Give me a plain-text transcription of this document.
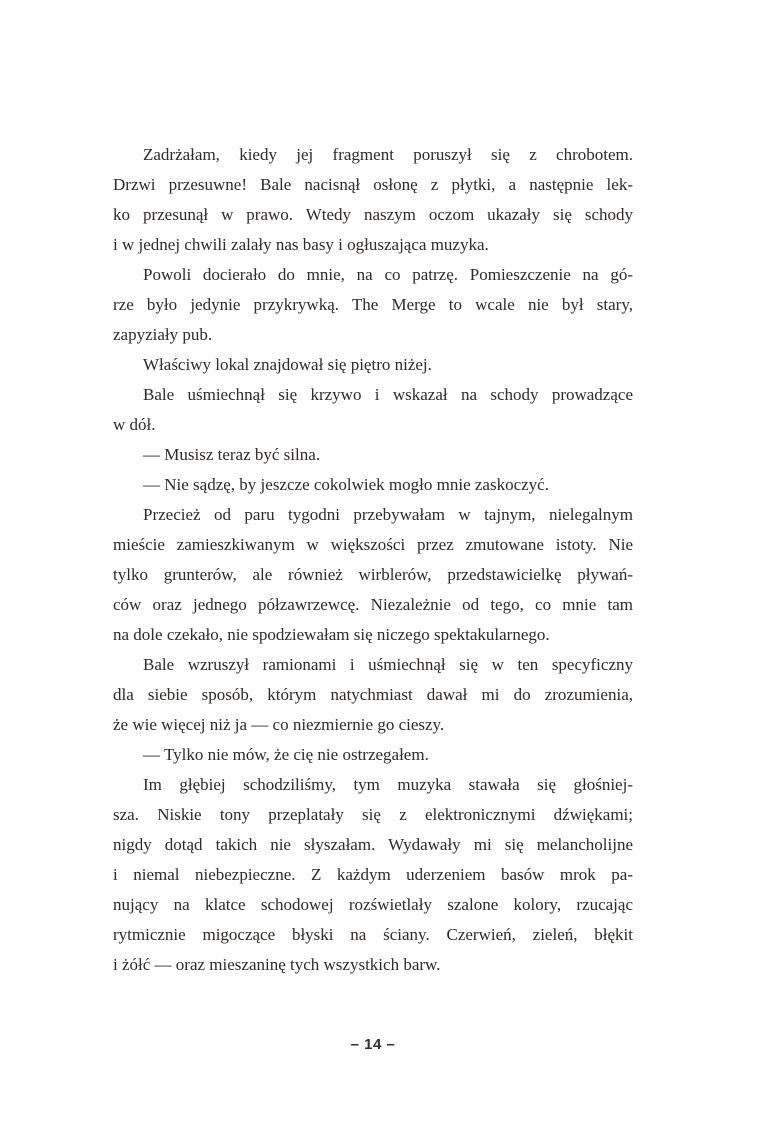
Zadrżałam, kiedy jej fragment poruszył się z chrobotem.
Drzwi przesuwne! Bale nacisnął osłonę z płytki, a następnie lek-
ko przesunął w prawo. Wtedy naszym oczom ukazały się schody
i w jednej chwili zalały nas basy i ogłuszająca muzyka.

Powoli docierało do mnie, na co patrzę. Pomieszczenie na gó-
rze było jedynie przykrywką. The Merge to wcale nie był stary,
zapyziały pub.

Właściwy lokal znajdował się piętro niżej.

Bale uśmiechnął się krzywo i wskazał na schody prowadzące
w dół.

— Musisz teraz być silna.

— Nie sądzę, by jeszcze cokolwiek mogło mnie zaskoczyć.

Przecież od paru tygodni przebywałam w tajnym, nielegalnym
mieście zamieszkiwanym w większości przez zmutowane istoty. Nie
tylko grunterów, ale również wirblerów, przedstawicielkę pływań-
ców oraz jednego półzawrzewcę. Niezależnie od tego, co mnie tam
na dole czekało, nie spodziewałam się niczego spektakularnego.

Bale wzruszył ramionami i uśmiechnął się w ten specyficzny
dla siebie sposób, którym natychmiast dawał mi do zrozumienia,
że wie więcej niż ja — co niezmiernie go cieszy.

— Tylko nie mów, że cię nie ostrzegałem.

Im głębiej schodziliśmy, tym muzyka stawała się głośniej-
sza. Niskie tony przeplatały się z elektronicznymi dźwiękami;
nigdy dotąd takich nie słyszałam. Wydawały mi się melancholijne
i niemal niebezpieczne. Z każdym uderzeniem basów mrok pa-
nujący na klatce schodowej rozświetlały szalone kolory, rzucając
rytmicznie migoczące błyski na ściany. Czerwień, zieleń, błękit
i żółć — oraz mieszaninę tych wszystkich barw.

– 14 –
